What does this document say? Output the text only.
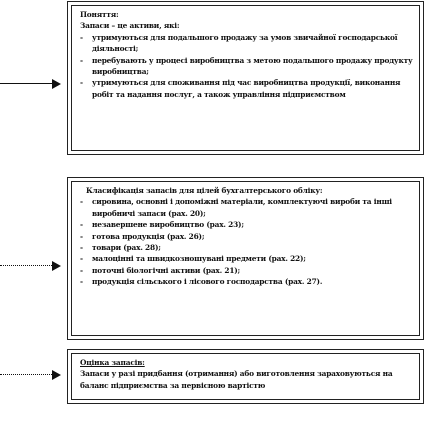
Поняття:
Запаси – це активи, які:
- утримуються для подальшого продажу за умов звичайної господарської діяльності;
- перебувають у процесі виробництва з метою подальшого продажу продукту виробництва;
- утримуються для споживання під час виробництва продукції, виконання робіт та надання послуг, а також управління підприємством
Класифікація запасів для цілей бухгалтерського обліку:
- сировина, основні і допоміжні матеріали, комплектуючі вироби та інші виробничі запаси (рах. 20);
- незавершене виробництво (рах. 23);
- готова продукція (рах. 26);
- товари (рах. 28);
- малоцінні та швидкозношувані предмети (рах. 22);
- поточні біологічні активи (рах. 21);
- продукція сільського і лісового господарства (рах. 27).
Оцінка запасів:
Запаси у разі придбання (отримання) або виготовлення зараховуються на баланс підприємства за первісною вартістю
